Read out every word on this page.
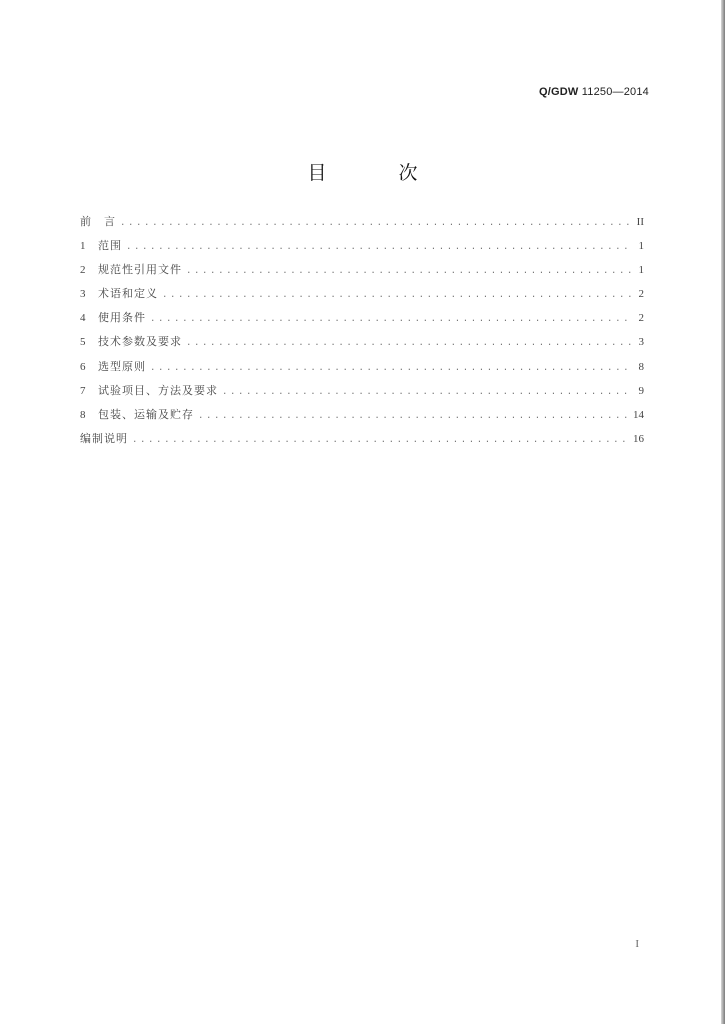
Q/GDW 11250—2014
目次
前　言 .....	II
1	范围 .....	1
2	规范性引用文件 .....	1
3	术语和定义 .....	2
4	使用条件 .....	2
5	技术参数及要求 .....	3
6	选型原则 .....	8
7	试验项目、方法及要求 .....	9
8	包装、运输及贮存 .....	14
编制说明 .....	16
I
